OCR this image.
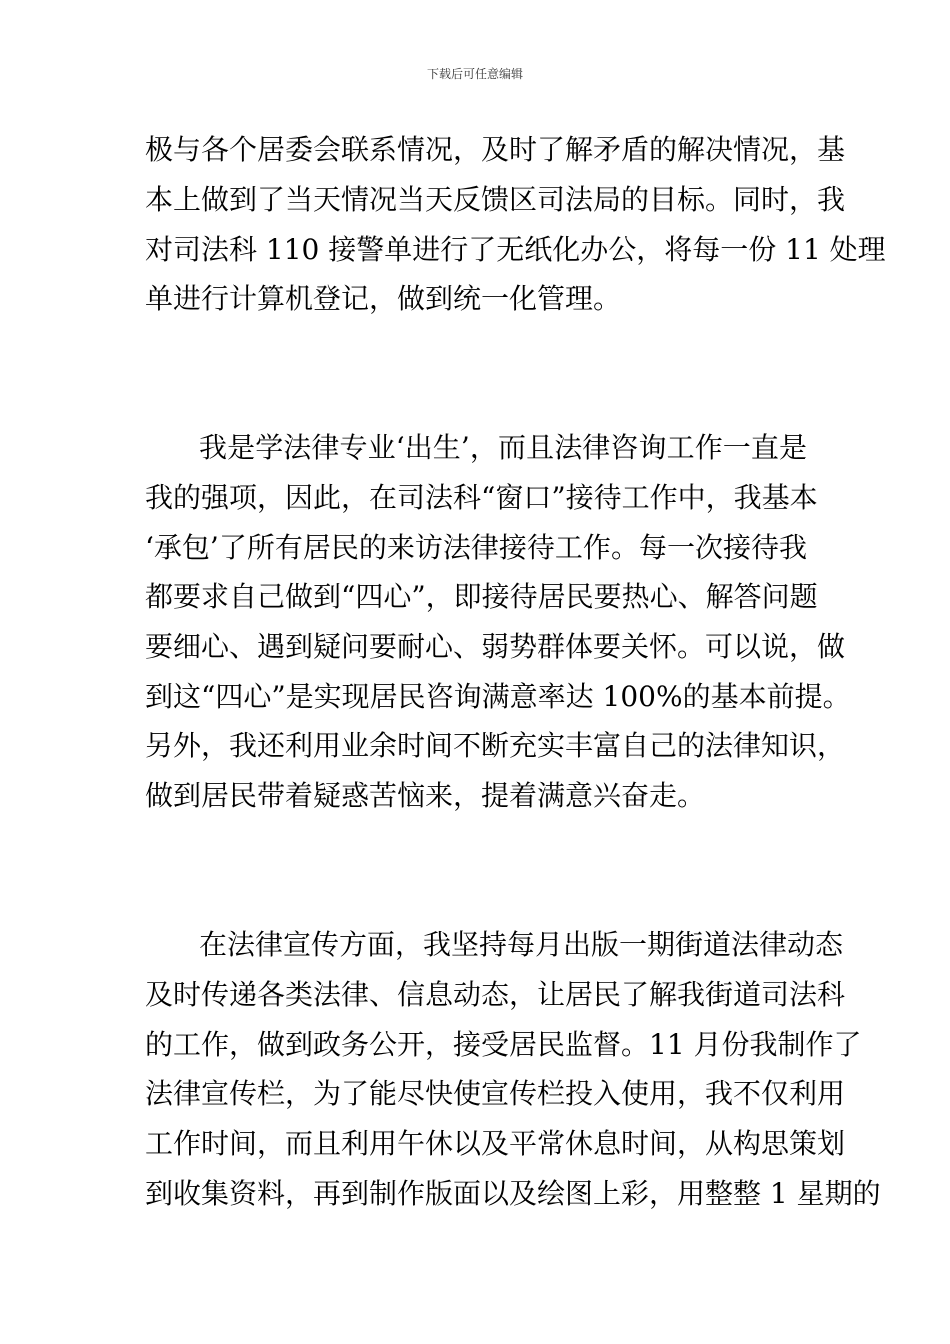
下载后可任意编辑
极与各个居委会联系情况，及时了解矛盾的解决情况，基
本上做到了当天情况当天反馈区司法局的目标。同时，我
对司法科 110 接警单进行了无纸化办公，将每一份 11 处理
单进行计算机登记，做到统一化管理。
我是学法律专业‘出生’，而且法律咨询工作一直是
我的强项，因此，在司法科“窗口”接待工作中，我基本
‘承包’了所有居民的来访法律接待工作。每一次接待我
都要求自己做到“四心”，即接待居民要热心、解答问题
要细心、遇到疑问要耐心、弱势群体要关怀。可以说，做
到这“四心”是实现居民咨询满意率达 100%的基本前提。
另外，我还利用业余时间不断充实丰富自己的法律知识，
做到居民带着疑惑苦恼来，提着满意兴奋走。
在法律宣传方面，我坚持每月出版一期街道法律动态
及时传递各类法律、信息动态，让居民了解我街道司法科
的工作，做到政务公开，接受居民监督。11 月份我制作了
法律宣传栏，为了能尽快使宣传栏投入使用，我不仅利用
工作时间，而且利用午休以及平常休息时间，从构思策划
到收集资料，再到制作版面以及绘图上彩，用整整 1 星期的
